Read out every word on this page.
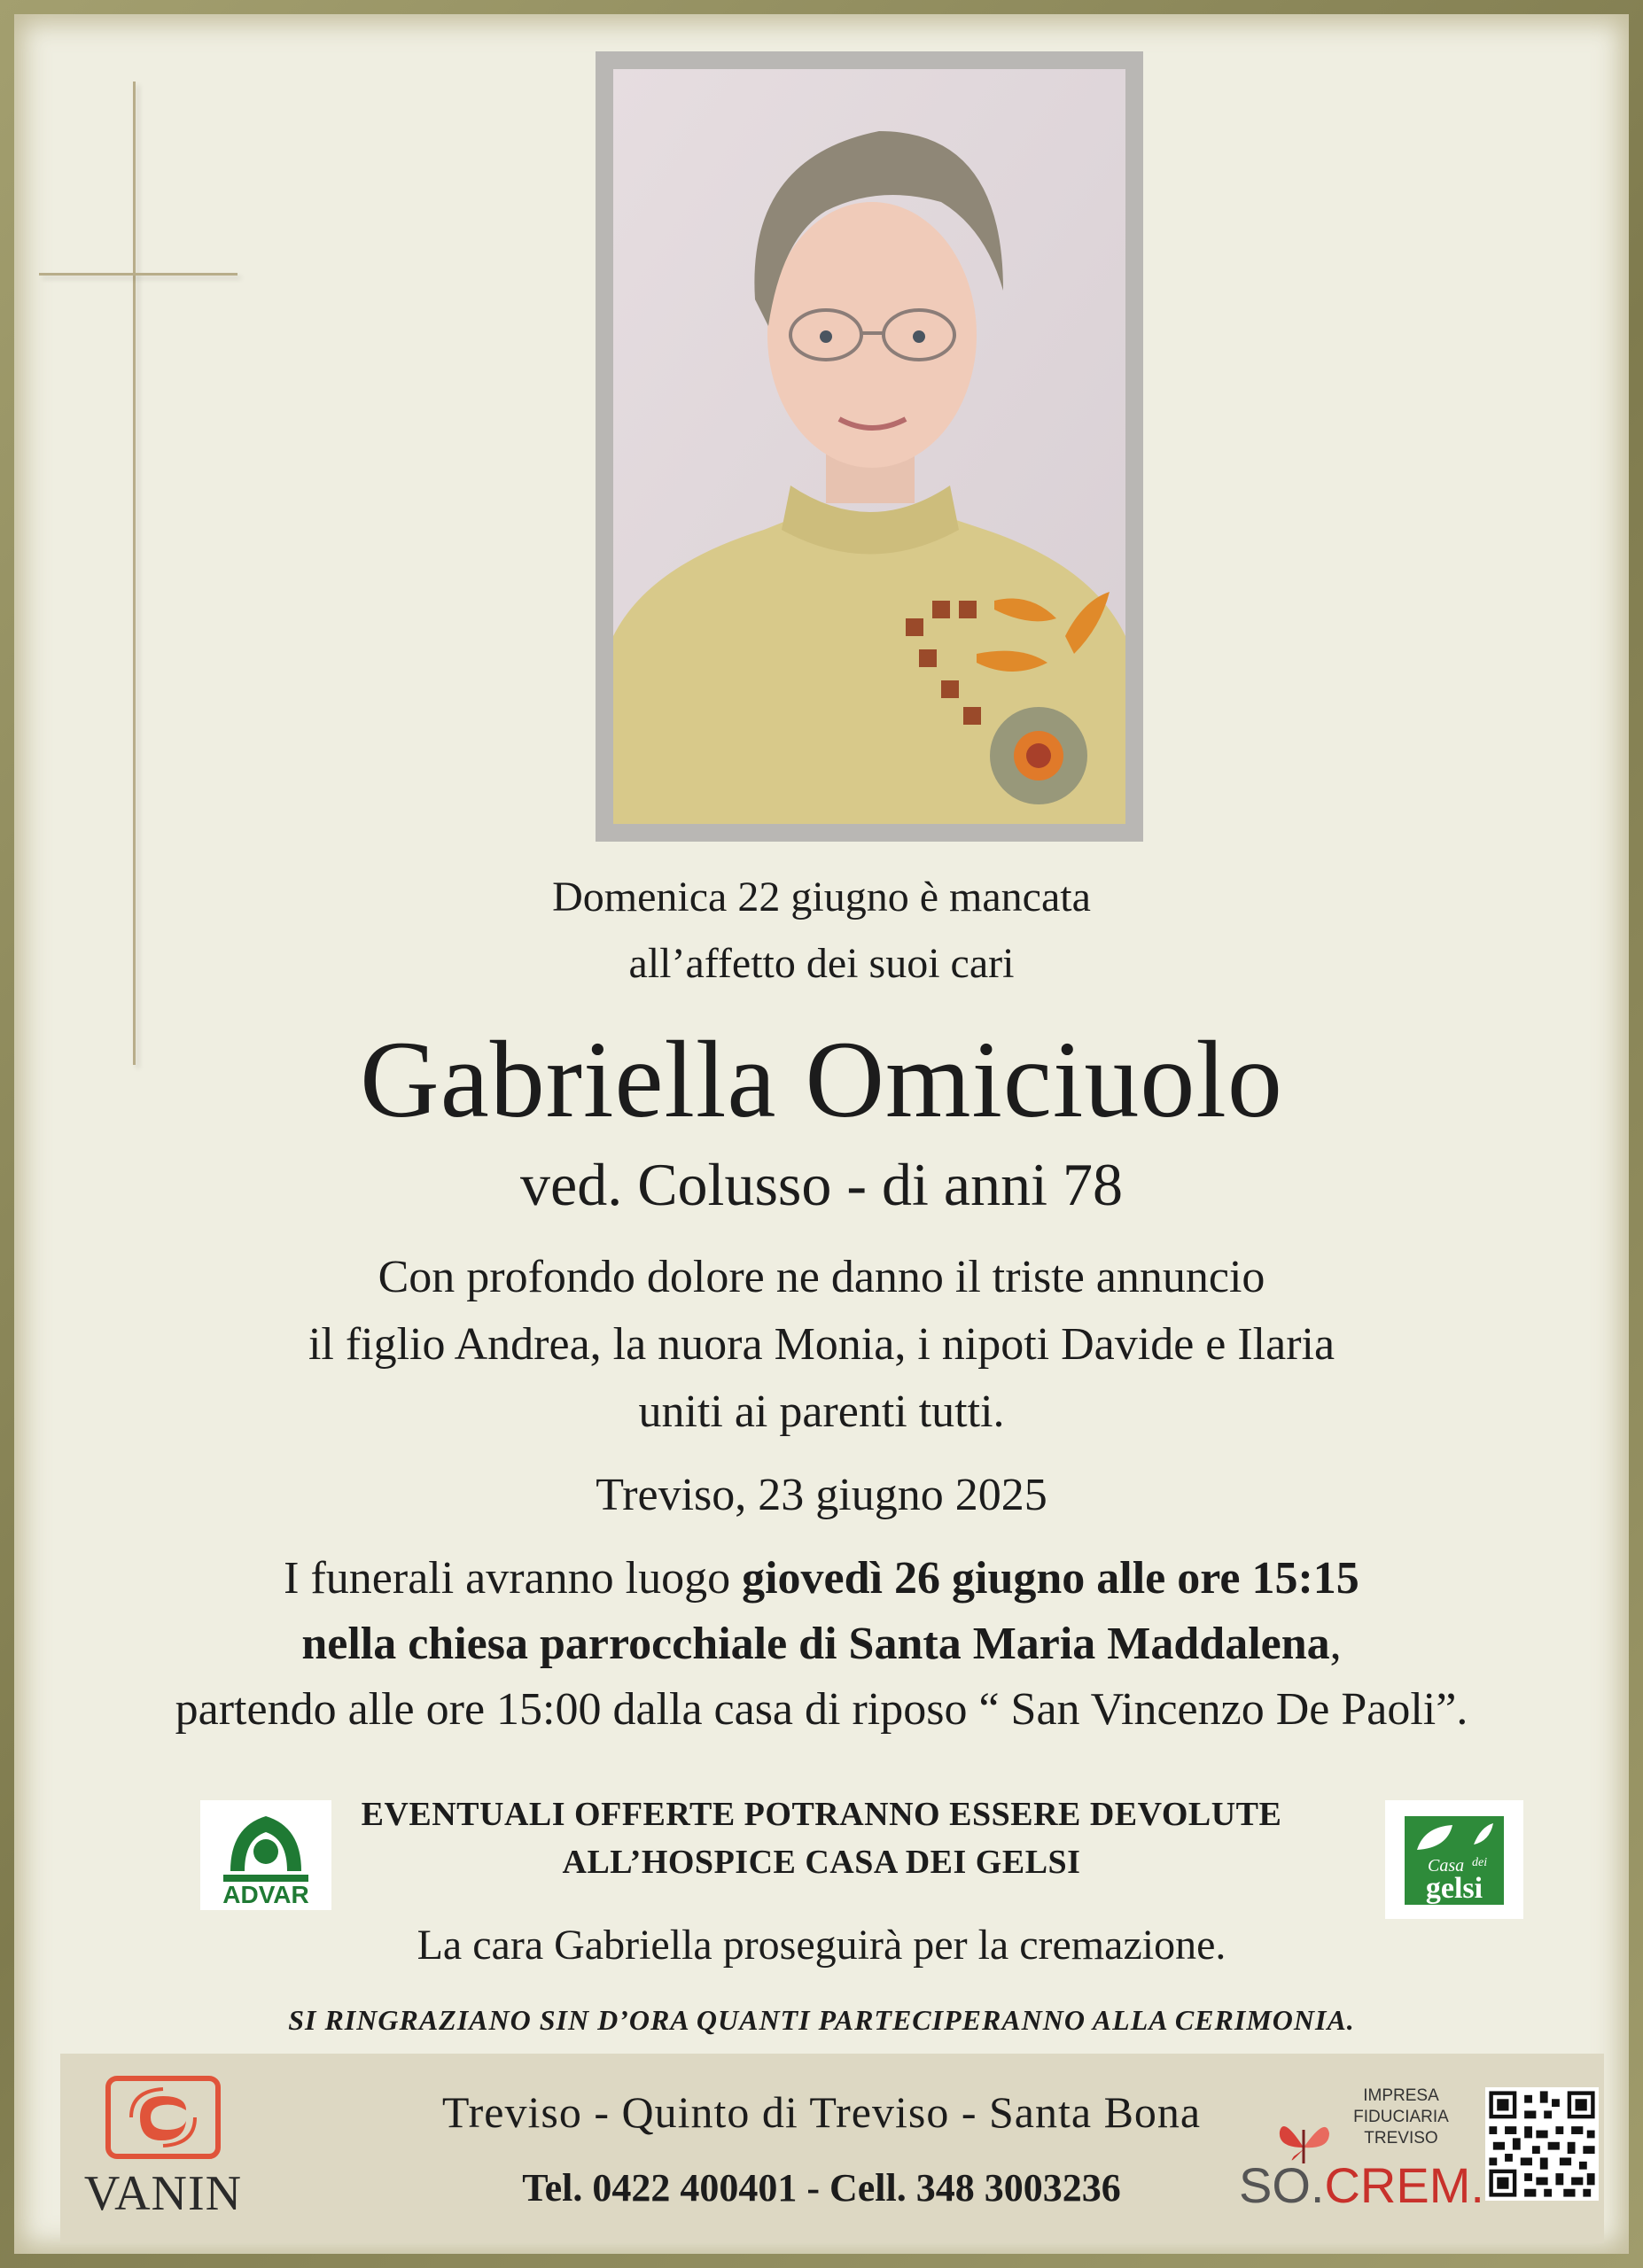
Domenica 22 giugno è mancata
all’affetto dei suoi cari
Gabriella Omiciuolo
ved. Colusso - di anni 78
Con profondo dolore ne danno il triste annuncio
il figlio Andrea, la nuora Monia, i nipoti Davide e Ilaria
uniti ai parenti tutti.
Treviso, 23 giugno 2025
I funerali avranno luogo giovedì 26 giugno alle ore 15:15
nella chiesa parrocchiale di Santa Maria Maddalena,
partendo alle ore 15:00 dalla casa di riposo “ San Vincenzo De Paoli”.
ADVAR
EVENTUALI OFFERTE POTRANNO ESSERE DEVOLUTE
ALL’HOSPICE CASA DEI GELSI	Casa dei
gelsi
La cara Gabriella proseguirà per la cremazione.
SI RINGRAZIANO SIN D’ORA QUANTI PARTECIPERANNO ALLA CERIMONIA.
VANIN
Treviso - Quinto di Treviso - Santa Bona
Tel. 0422 400401 - Cell. 348 3003236
IMPRESA
FIDUCIARIA
TREVISO
SO.CREM.
